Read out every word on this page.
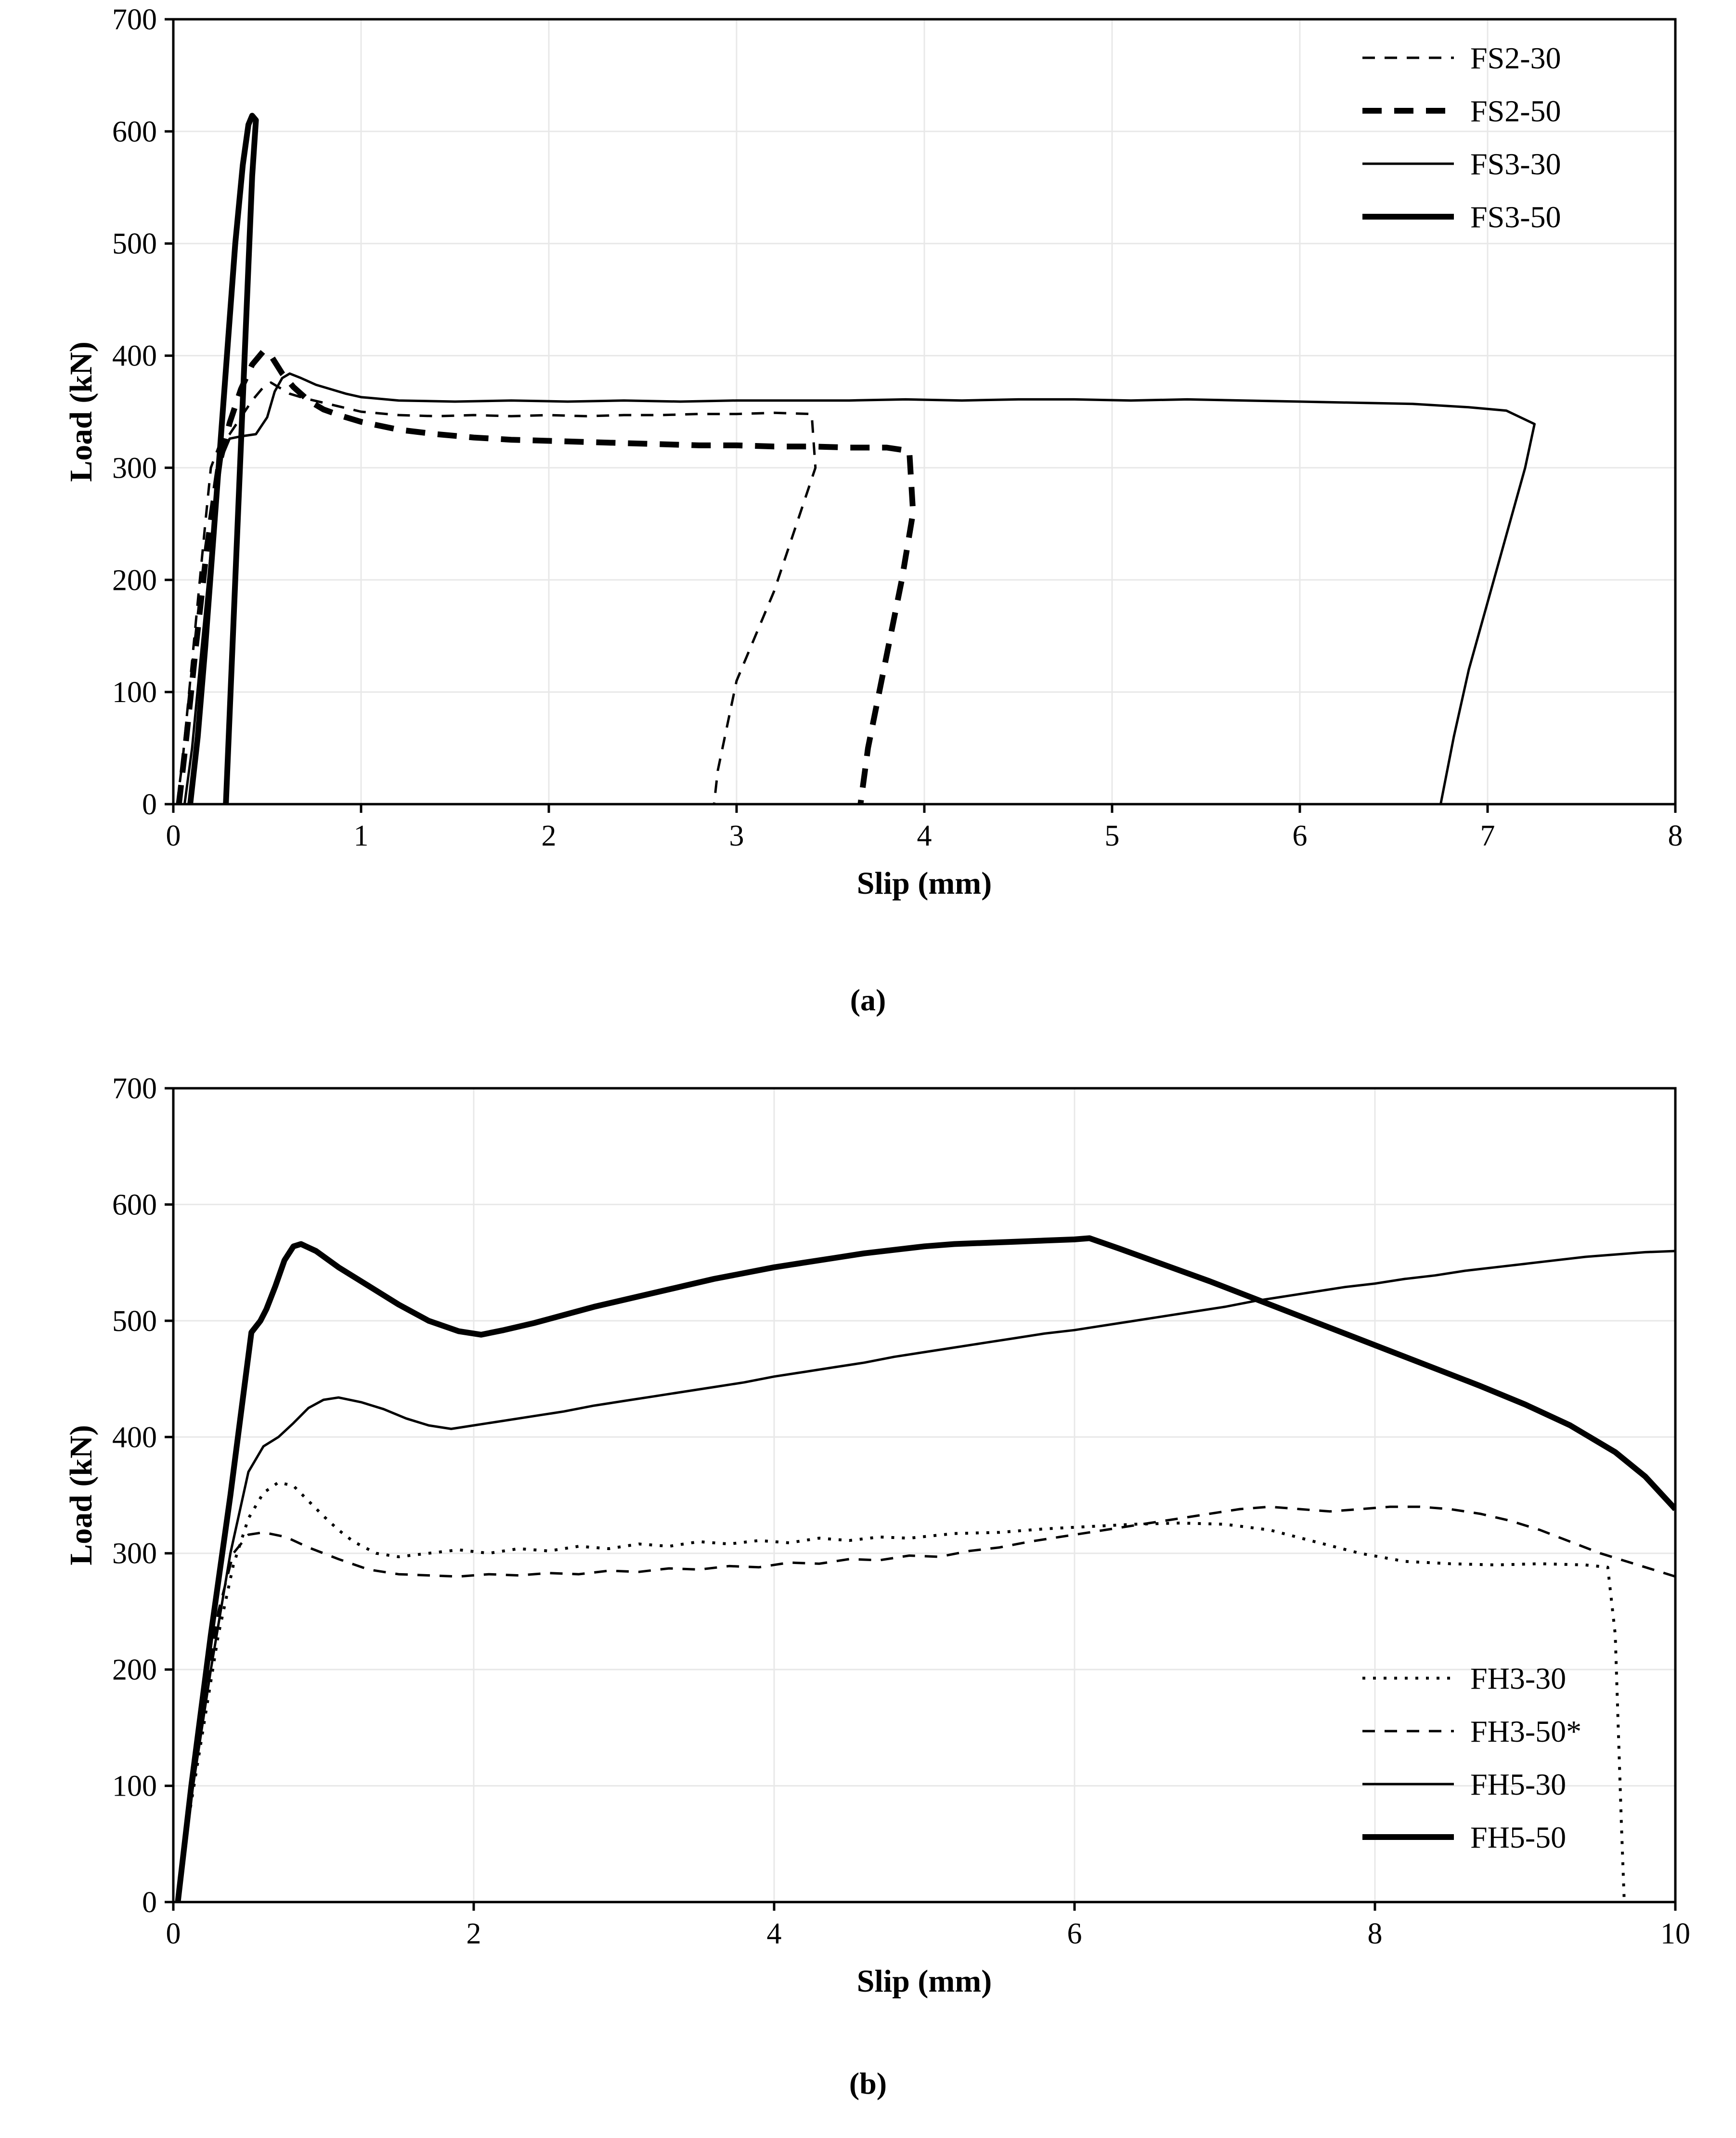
0
100
200
300
400
500
600
700
0	1	2	3	4	5	6	7	8
Slip (mm)
Load (kN)
FS2-30
FS2-50
FS3-30
FS3-50
(a)
0
100
200
300
400
500
600
700
0	2	4	6	8	10
Slip (mm)
Load (kN)
FH3-30
FH3-50*
FH5-30
FH5-50
(b)
